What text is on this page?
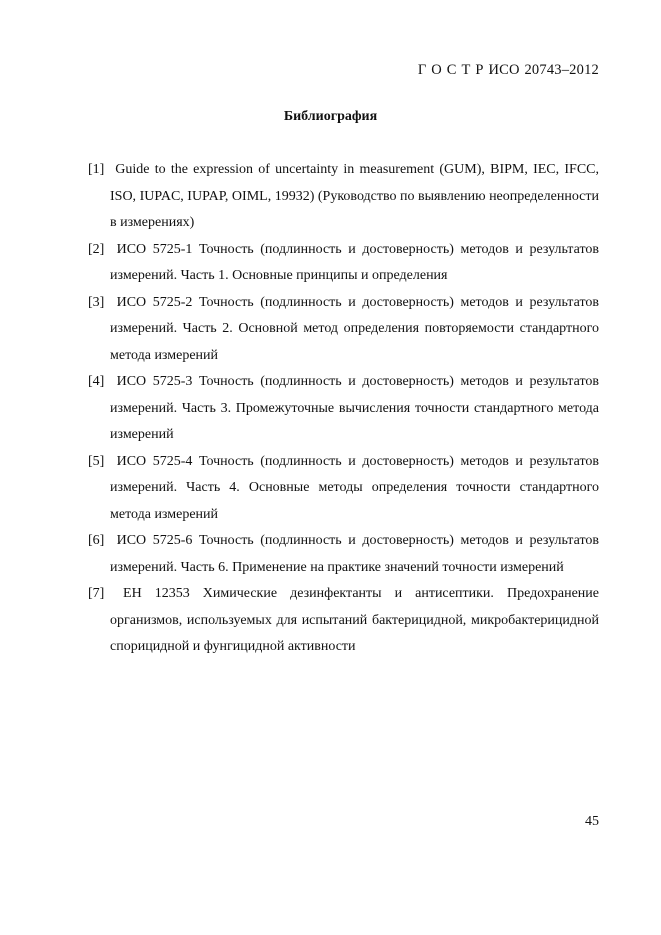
Г О С Т Р ИСО 20743–2012
Библиография

[1] Guide to the expression of uncertainty in measurement (GUM), BIPM, IEC, IFCC, ISO, IUPAC, IUPAP, OIML, 19932) (Руководство по выявлению неопределенности в измерениях)

[2] ИСО 5725-1 Точность (подлинность и достоверность) методов и результатов измерений. Часть 1. Основные принципы и определения

[3] ИСО 5725-2 Точность (подлинность и достоверность) методов и результатов измерений. Часть 2. Основной метод определения повторяемости стандартного метода измерений

[4] ИСО 5725-3 Точность (подлинность и достоверность) методов и результатов измерений. Часть 3. Промежуточные вычисления точности стандартного метода измерений

[5] ИСО 5725-4 Точность (подлинность и достоверность) методов и результатов измерений. Часть 4. Основные методы определения точности стандартного метода измерений

[6] ИСО 5725-6 Точность (подлинность и достоверность) методов и результатов измерений. Часть 6. Применение на практике значений точности измерений

[7] ЕН 12353 Химические дезинфектанты и антисептики. Предохранение организмов, используемых для испытаний бактерицидной, микробактерицидной спорицидной и фунгицидной активности

45
